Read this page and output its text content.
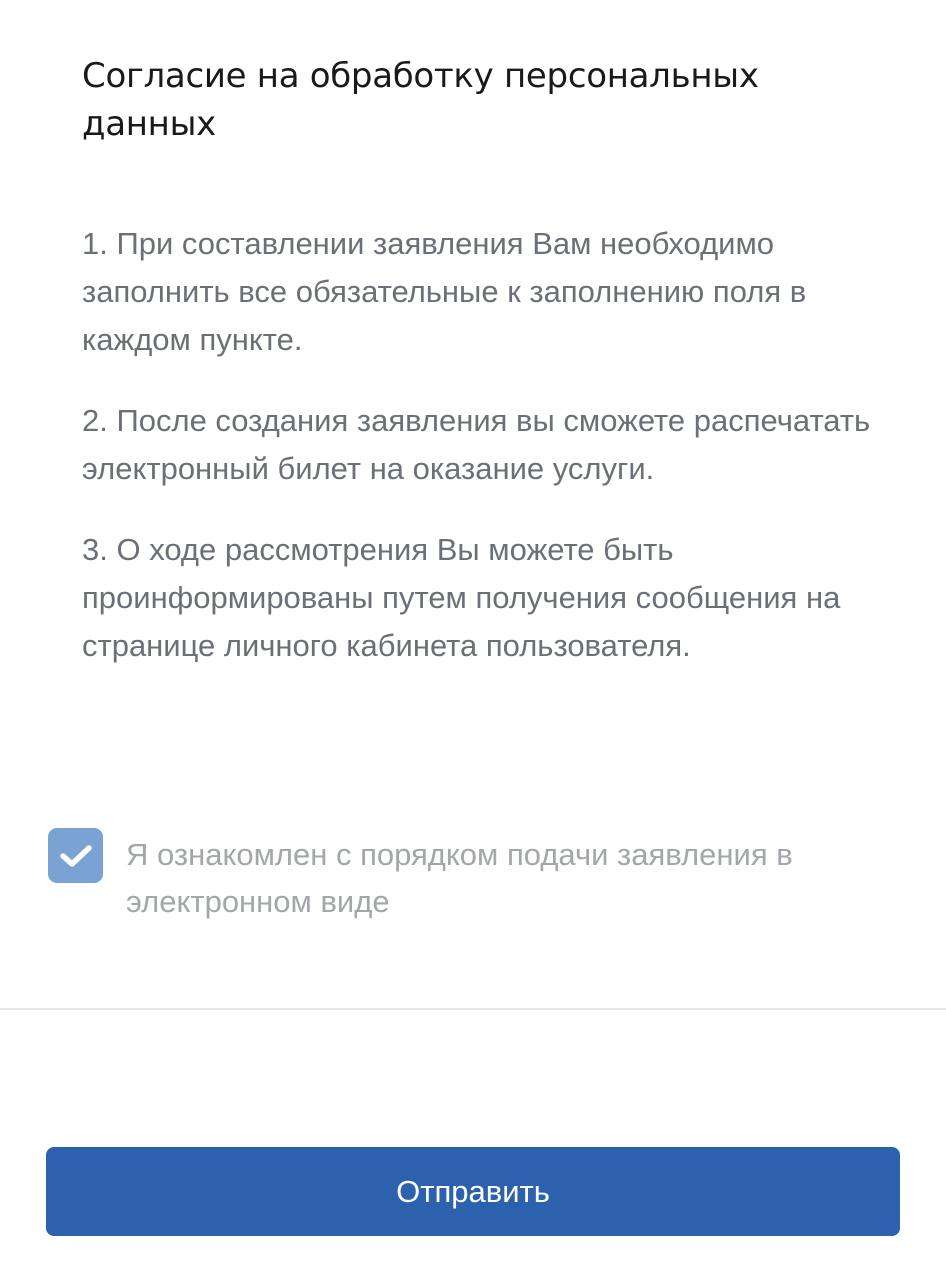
Согласие на обработку персональных данных

1. При составлении заявления Вам необходимо заполнить все обязательные к заполнению поля в каждом пункте.

2. После создания заявления вы сможете распечатать электронный билет на оказание услуги.

3. О ходе рассмотрения Вы можете быть проинформированы путем получения сообщения на странице личного кабинета пользователя.

Я ознакомлен с порядком подачи заявления в электронном виде
Отправить
